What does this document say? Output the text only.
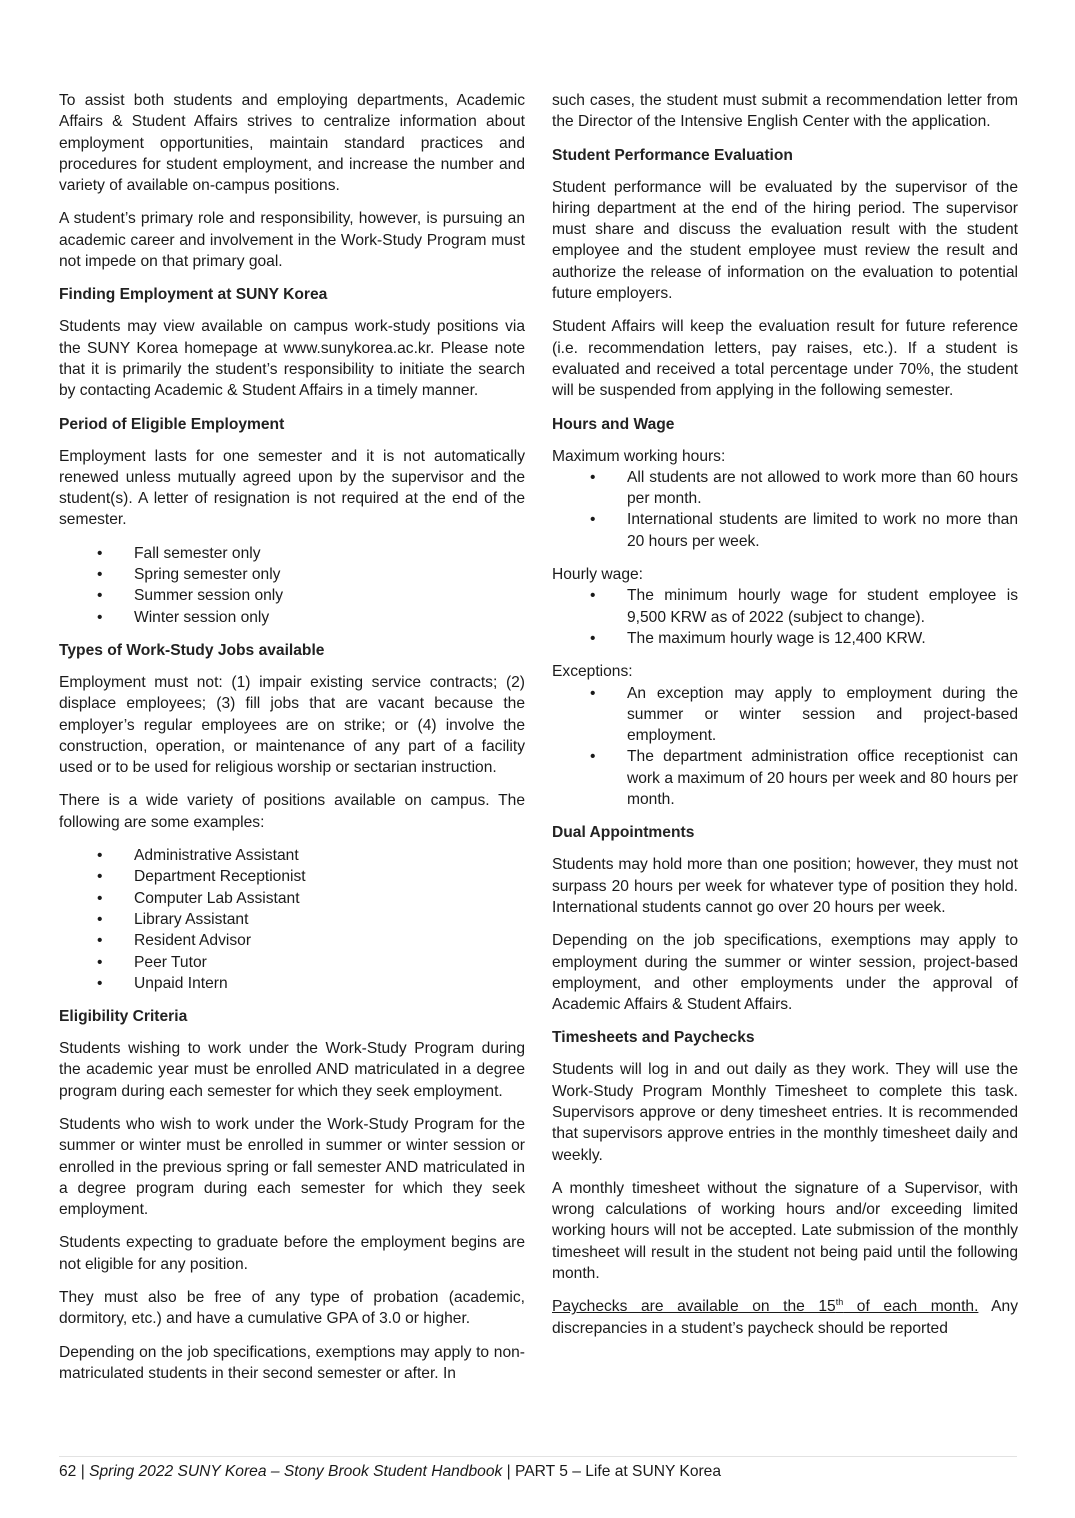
To assist both students and employing departments, Academic Affairs & Student Affairs strives to centralize information about employment opportunities, maintain standard practices and procedures for student employment, and increase the number and variety of available on-campus positions.

A student’s primary role and responsibility, however, is pursuing an academic career and involvement in the Work-Study Program must not impede on that primary goal.

Finding Employment at SUNY Korea

Students may view available on campus work-study positions via the SUNY Korea homepage at www.sunykorea.ac.kr. Please note that it is primarily the student’s responsibility to initiate the search by contacting Academic & Student Affairs in a timely manner.

Period of Eligible Employment

Employment lasts for one semester and it is not automatically renewed unless mutually agreed upon by the supervisor and the student(s). A letter of resignation is not required at the end of the semester.

• Fall semester only
• Spring semester only
• Summer session only
• Winter session only
Types of Work-Study Jobs available

Employment must not: (1) impair existing service contracts; (2) displace employees; (3) fill jobs that are vacant because the employer’s regular employees are on strike; or (4) involve the construction, operation, or maintenance of any part of a facility used or to be used for religious worship or sectarian instruction.

There is a wide variety of positions available on campus. The following are some examples:

• Administrative Assistant
• Department Receptionist
• Computer Lab Assistant
• Library Assistant
• Resident Advisor
• Peer Tutor
• Unpaid Intern
Eligibility Criteria

Students wishing to work under the Work-Study Program during the academic year must be enrolled AND matriculated in a degree program during each semester for which they seek employment.

Students who wish to work under the Work-Study Program for the summer or winter must be enrolled in summer or winter session or enrolled in the previous spring or fall semester AND matriculated in a degree program during each semester for which they seek employment.

Students expecting to graduate before the employment begins are not eligible for any position.

They must also be free of any type of probation (academic, dormitory, etc.) and have a cumulative GPA of 3.0 or higher.

Depending on the job specifications, exemptions may apply to non-matriculated students in their second semester or after. In

such cases, the student must submit a recommendation letter from the Director of the Intensive English Center with the application.

Student Performance Evaluation

Student performance will be evaluated by the supervisor of the hiring department at the end of the hiring period. The supervisor must share and discuss the evaluation result with the student employee and the student employee must review the result and authorize the release of information on the evaluation to potential future employers.

Student Affairs will keep the evaluation result for future reference (i.e. recommendation letters, pay raises, etc.). If a student is evaluated and received a total percentage under 70%, the student will be suspended from applying in the following semester.

Hours and Wage

Maximum working hours:

• All students are not allowed to work more than 60 hours per month.
• International students are limited to work no more than 20 hours per week.

Hourly wage:

• The minimum hourly wage for student employee is 9,500 KRW as of 2022 (subject to change).
• The maximum hourly wage is 12,400 KRW.

Exceptions:

• An exception may apply to employment during the summer or winter session and project-based employment.
• The department administration office receptionist can work a maximum of 20 hours per week and 80 hours per month.
Dual Appointments

Students may hold more than one position; however, they must not surpass 20 hours per week for whatever type of position they hold. International students cannot go over 20 hours per week.

Depending on the job specifications, exemptions may apply to employment during the summer or winter session, project-based employment, and other employments under the approval of Academic Affairs & Student Affairs.

Timesheets and Paychecks

Students will log in and out daily as they work. They will use the Work-Study Program Monthly Timesheet to complete this task. Supervisors approve or deny timesheet entries. It is recommended that supervisors approve entries in the monthly timesheet daily and weekly.

A monthly timesheet without the signature of a Supervisor, with wrong calculations of working hours and/or exceeding limited working hours will not be accepted. Late submission of the monthly timesheet will result in the student not being paid until the following month.

Paychecks are available on the 15th of each month. Any discrepancies in a student’s paycheck should be reported

62 | Spring 2022 SUNY Korea – Stony Brook Student Handbook | PART 5 – Life at SUNY Korea
